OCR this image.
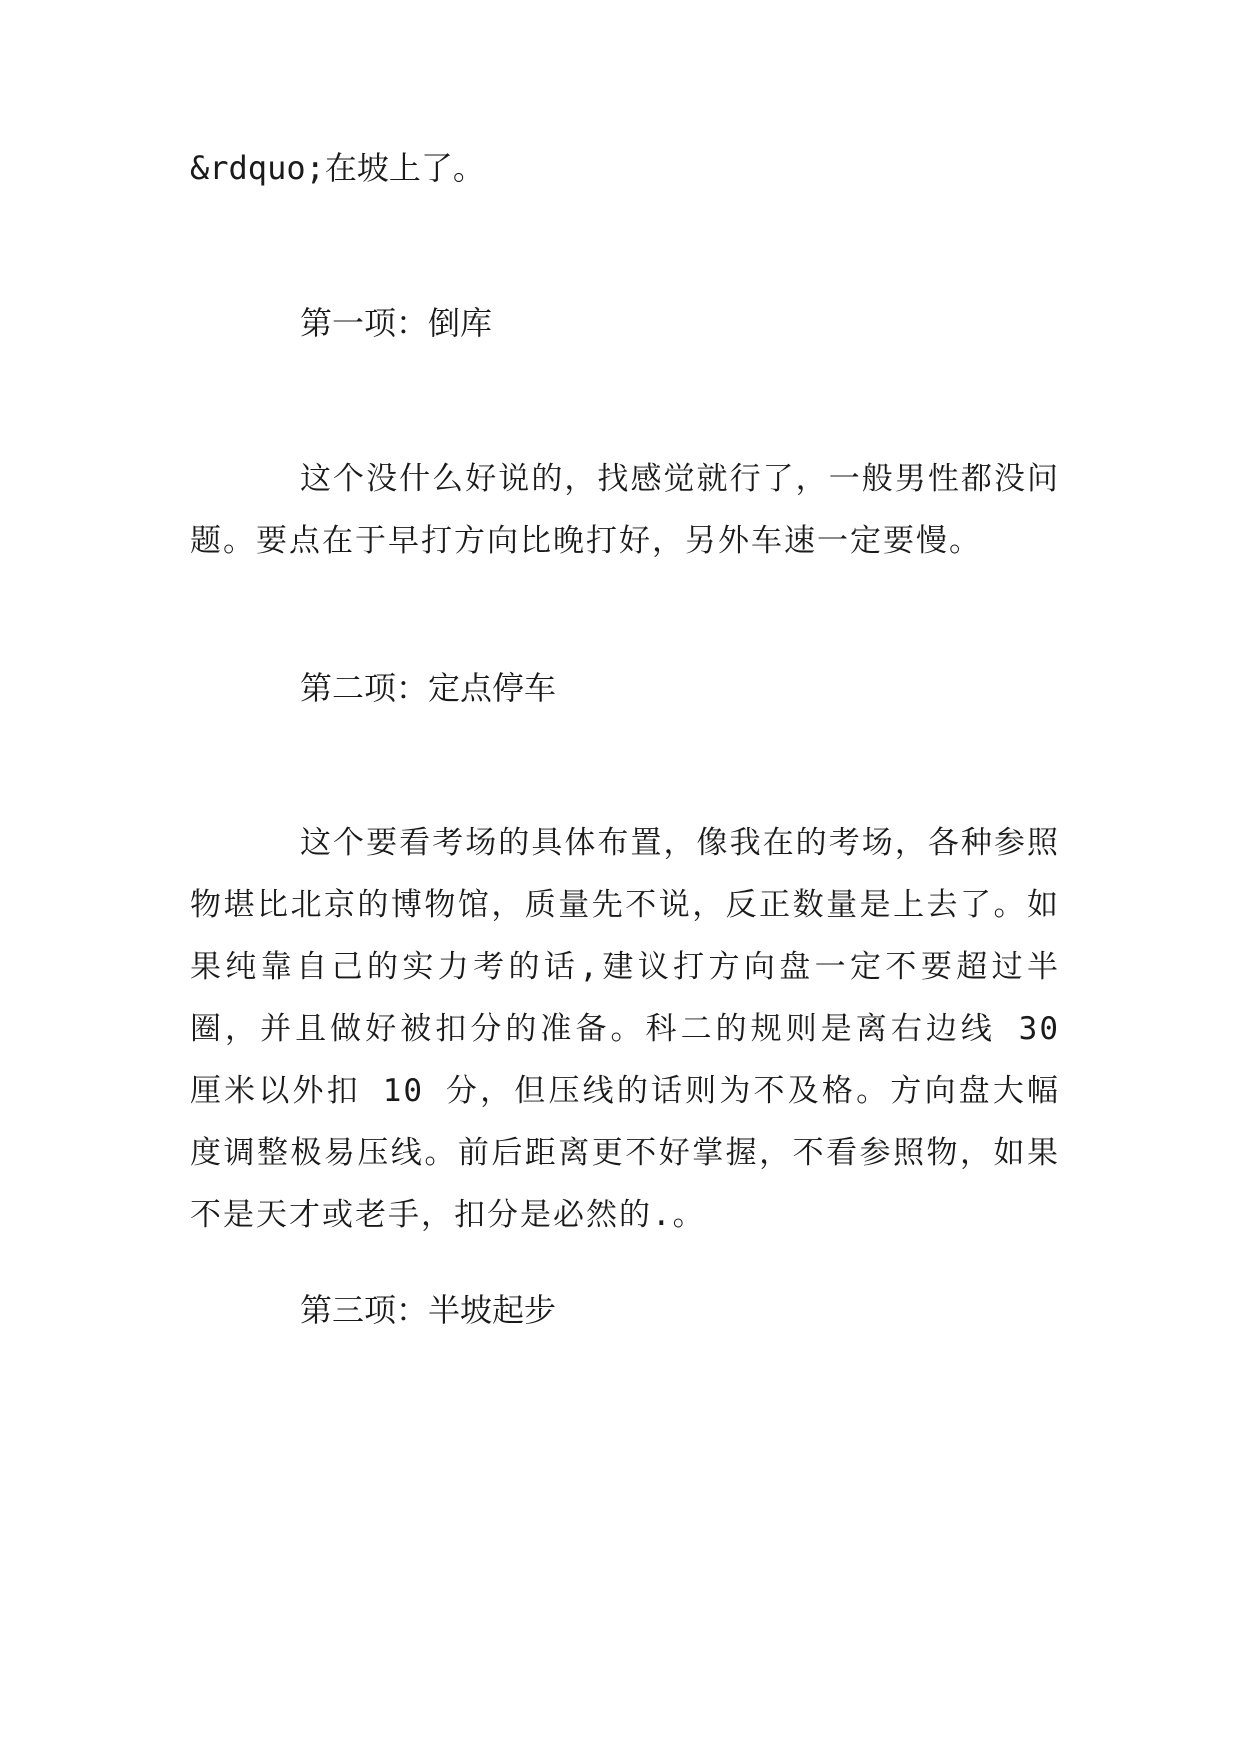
&rdquo;在坡上了。
第一项：倒库
这个没什么好说的，找感觉就行了，一般男性都没问题。要点在于早打方向比晚打好，另外车速一定要慢。
第二项：定点停车
这个要看考场的具体布置，像我在的考场，各种参照物堪比北京的博物馆，质量先不说，反正数量是上去了。如果纯靠自己的实力考的话,建议打方向盘一定不要超过半圈，并且做好被扣分的准备。科二的规则是离右边线 30 厘米以外扣 10 分，但压线的话则为不及格。方向盘大幅度调整极易压线。前后距离更不好掌握，不看参照物，如果不是天才或老手，扣分是必然的.。
第三项：半坡起步
